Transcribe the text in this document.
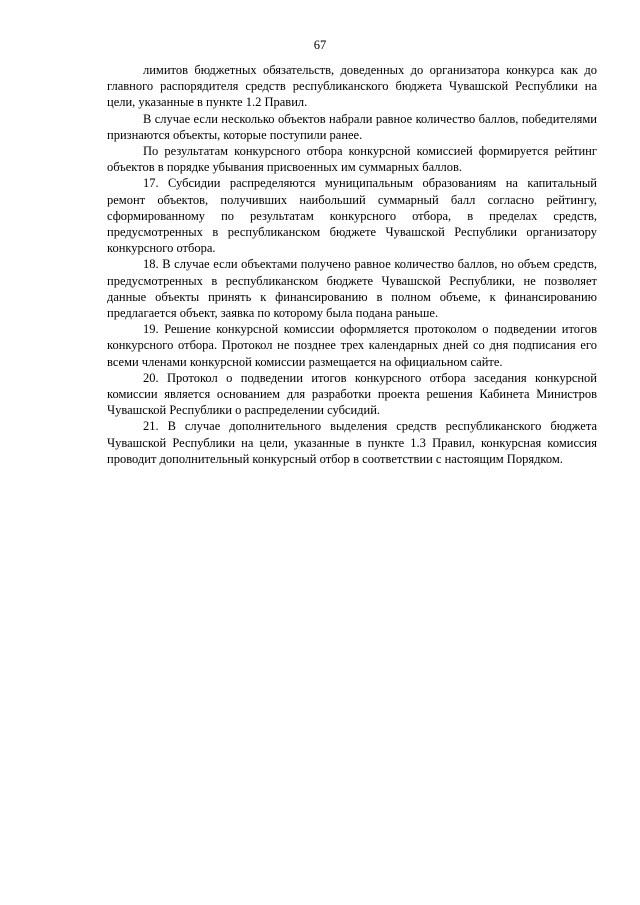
67

лимитов бюджетных обязательств, доведенных до организатора конкурса как до главного распорядителя средств республиканского бюджета Чувашской Республики на цели, указанные в пункте 1.2 Правил.

В случае если несколько объектов набрали равное количество баллов, победителями признаются объекты, которые поступили ранее.

По результатам конкурсного отбора конкурсной комиссией формируется рейтинг объектов в порядке убывания присвоенных им суммарных баллов.

17. Субсидии распределяются муниципальным образованиям на капитальный ремонт объектов, получивших наибольший суммарный балл согласно рейтингу, сформированному по результатам конкурсного отбора, в пределах средств, предусмотренных в республиканском бюджете Чувашской Республики организатору конкурсного отбора.

18. В случае если объектами получено равное количество баллов, но объем средств, предусмотренных в республиканском бюджете Чувашской Республики, не позволяет данные объекты принять к финансированию в полном объеме, к финансированию предлагается объект, заявка по которому была подана раньше.

19. Решение конкурсной комиссии оформляется протоколом о подведении итогов конкурсного отбора. Протокол не позднее трех календарных дней со дня подписания его всеми членами конкурсной комиссии размещается на официальном сайте.

20. Протокол о подведении итогов конкурсного отбора заседания конкурсной комиссии является основанием для разработки проекта решения Кабинета Министров Чувашской Республики о распределении субсидий.

21. В случае дополнительного выделения средств республиканского бюджета Чувашской Республики на цели, указанные в пункте 1.3 Правил, конкурсная комиссия проводит дополнительный конкурсный отбор в соответствии с настоящим Порядком.
